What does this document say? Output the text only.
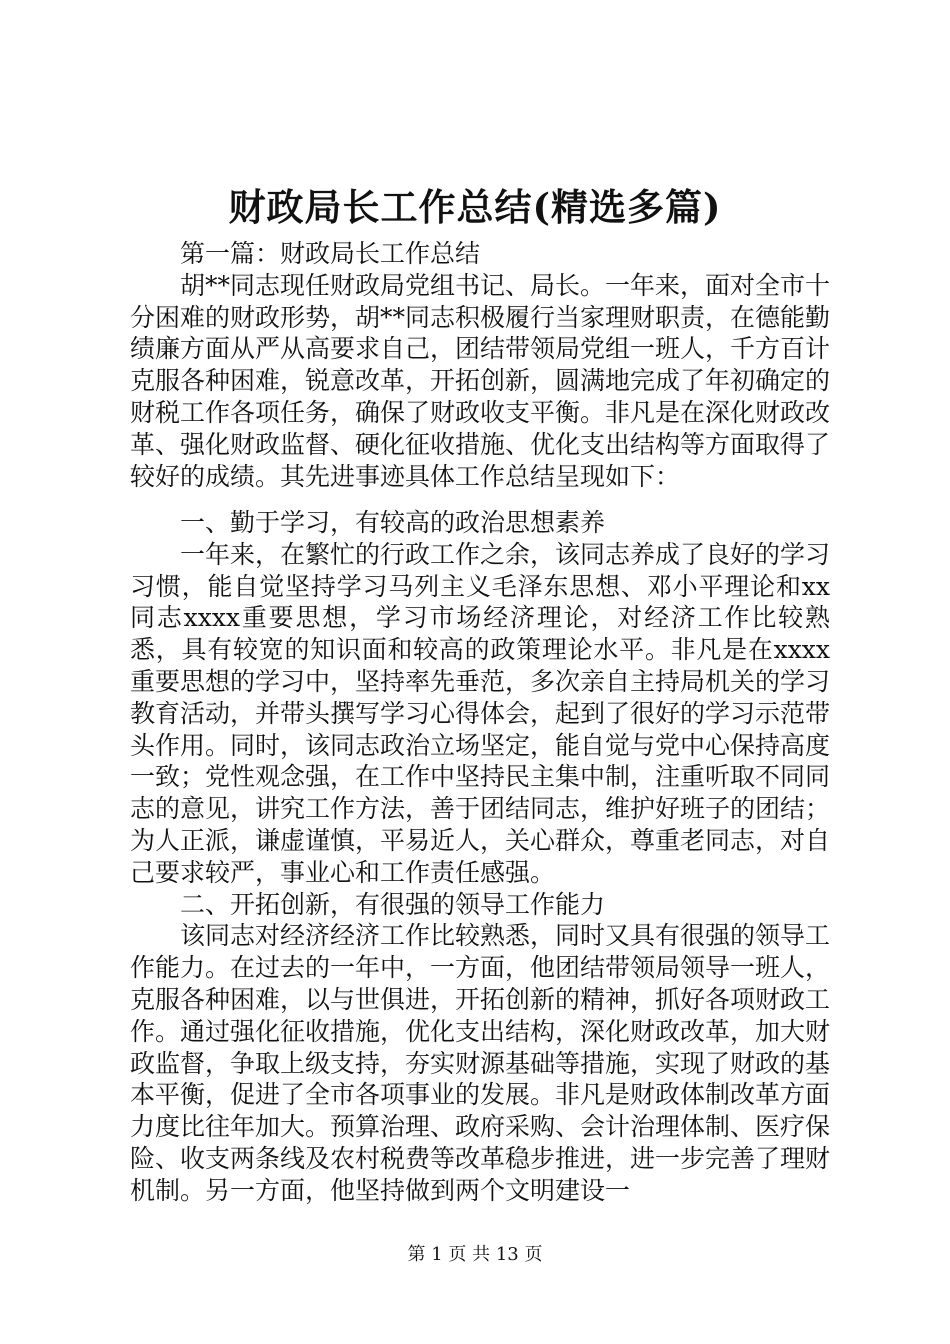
财政局长工作总结(精选多篇)

第一篇：财政局长工作总结

胡**同志现任财政局党组书记、局长。一年来，面对全市十分困难的财政形势，胡**同志积极履行当家理财职责，在德能勤绩廉方面从严从高要求自己，团结带领局党组一班人，千方百计克服各种困难，锐意改革，开拓创新，圆满地完成了年初确定的财税工作各项任务，确保了财政收支平衡。非凡是在深化财政改革、强化财政监督、硬化征收措施、优化支出结构等方面取得了较好的成绩。其先进事迹具体工作总结呈现如下：

一、勤于学习，有较高的政治思想素养

一年来，在繁忙的行政工作之余，该同志养成了良好的学习习惯，能自觉坚持学习马列主义毛泽东思想、邓小平理论和xx同志xxxx重要思想，学习市场经济理论，对经济工作比较熟悉，具有较宽的知识面和较高的政策理论水平。非凡是在xxxx重要思想的学习中，坚持率先垂范，多次亲自主持局机关的学习教育活动，并带头撰写学习心得体会，起到了很好的学习示范带头作用。同时，该同志政治立场坚定，能自觉与党中心保持高度一致；党性观念强，在工作中坚持民主集中制，注重听取不同同志的意见，讲究工作方法，善于团结同志，维护好班子的团结；为人正派，谦虚谨慎，平易近人，关心群众，尊重老同志，对自己要求较严，事业心和工作责任感强。

二、开拓创新，有很强的领导工作能力

该同志对经济经济工作比较熟悉，同时又具有很强的领导工作能力。在过去的一年中，一方面，他团结带领局领导一班人，克服各种困难，以与世俱进，开拓创新的精神，抓好各项财政工作。通过强化征收措施，优化支出结构，深化财政改革，加大财政监督，争取上级支持，夯实财源基础等措施，实现了财政的基本平衡，促进了全市各项事业的发展。非凡是财政体制改革方面力度比往年加大。预算治理、政府采购、会计治理体制、医疗保险、收支两条线及农村税费等改革稳步推进，进一步完善了理财机制。另一方面，他坚持做到两个文明建设一

第 1 页 共 13 页
